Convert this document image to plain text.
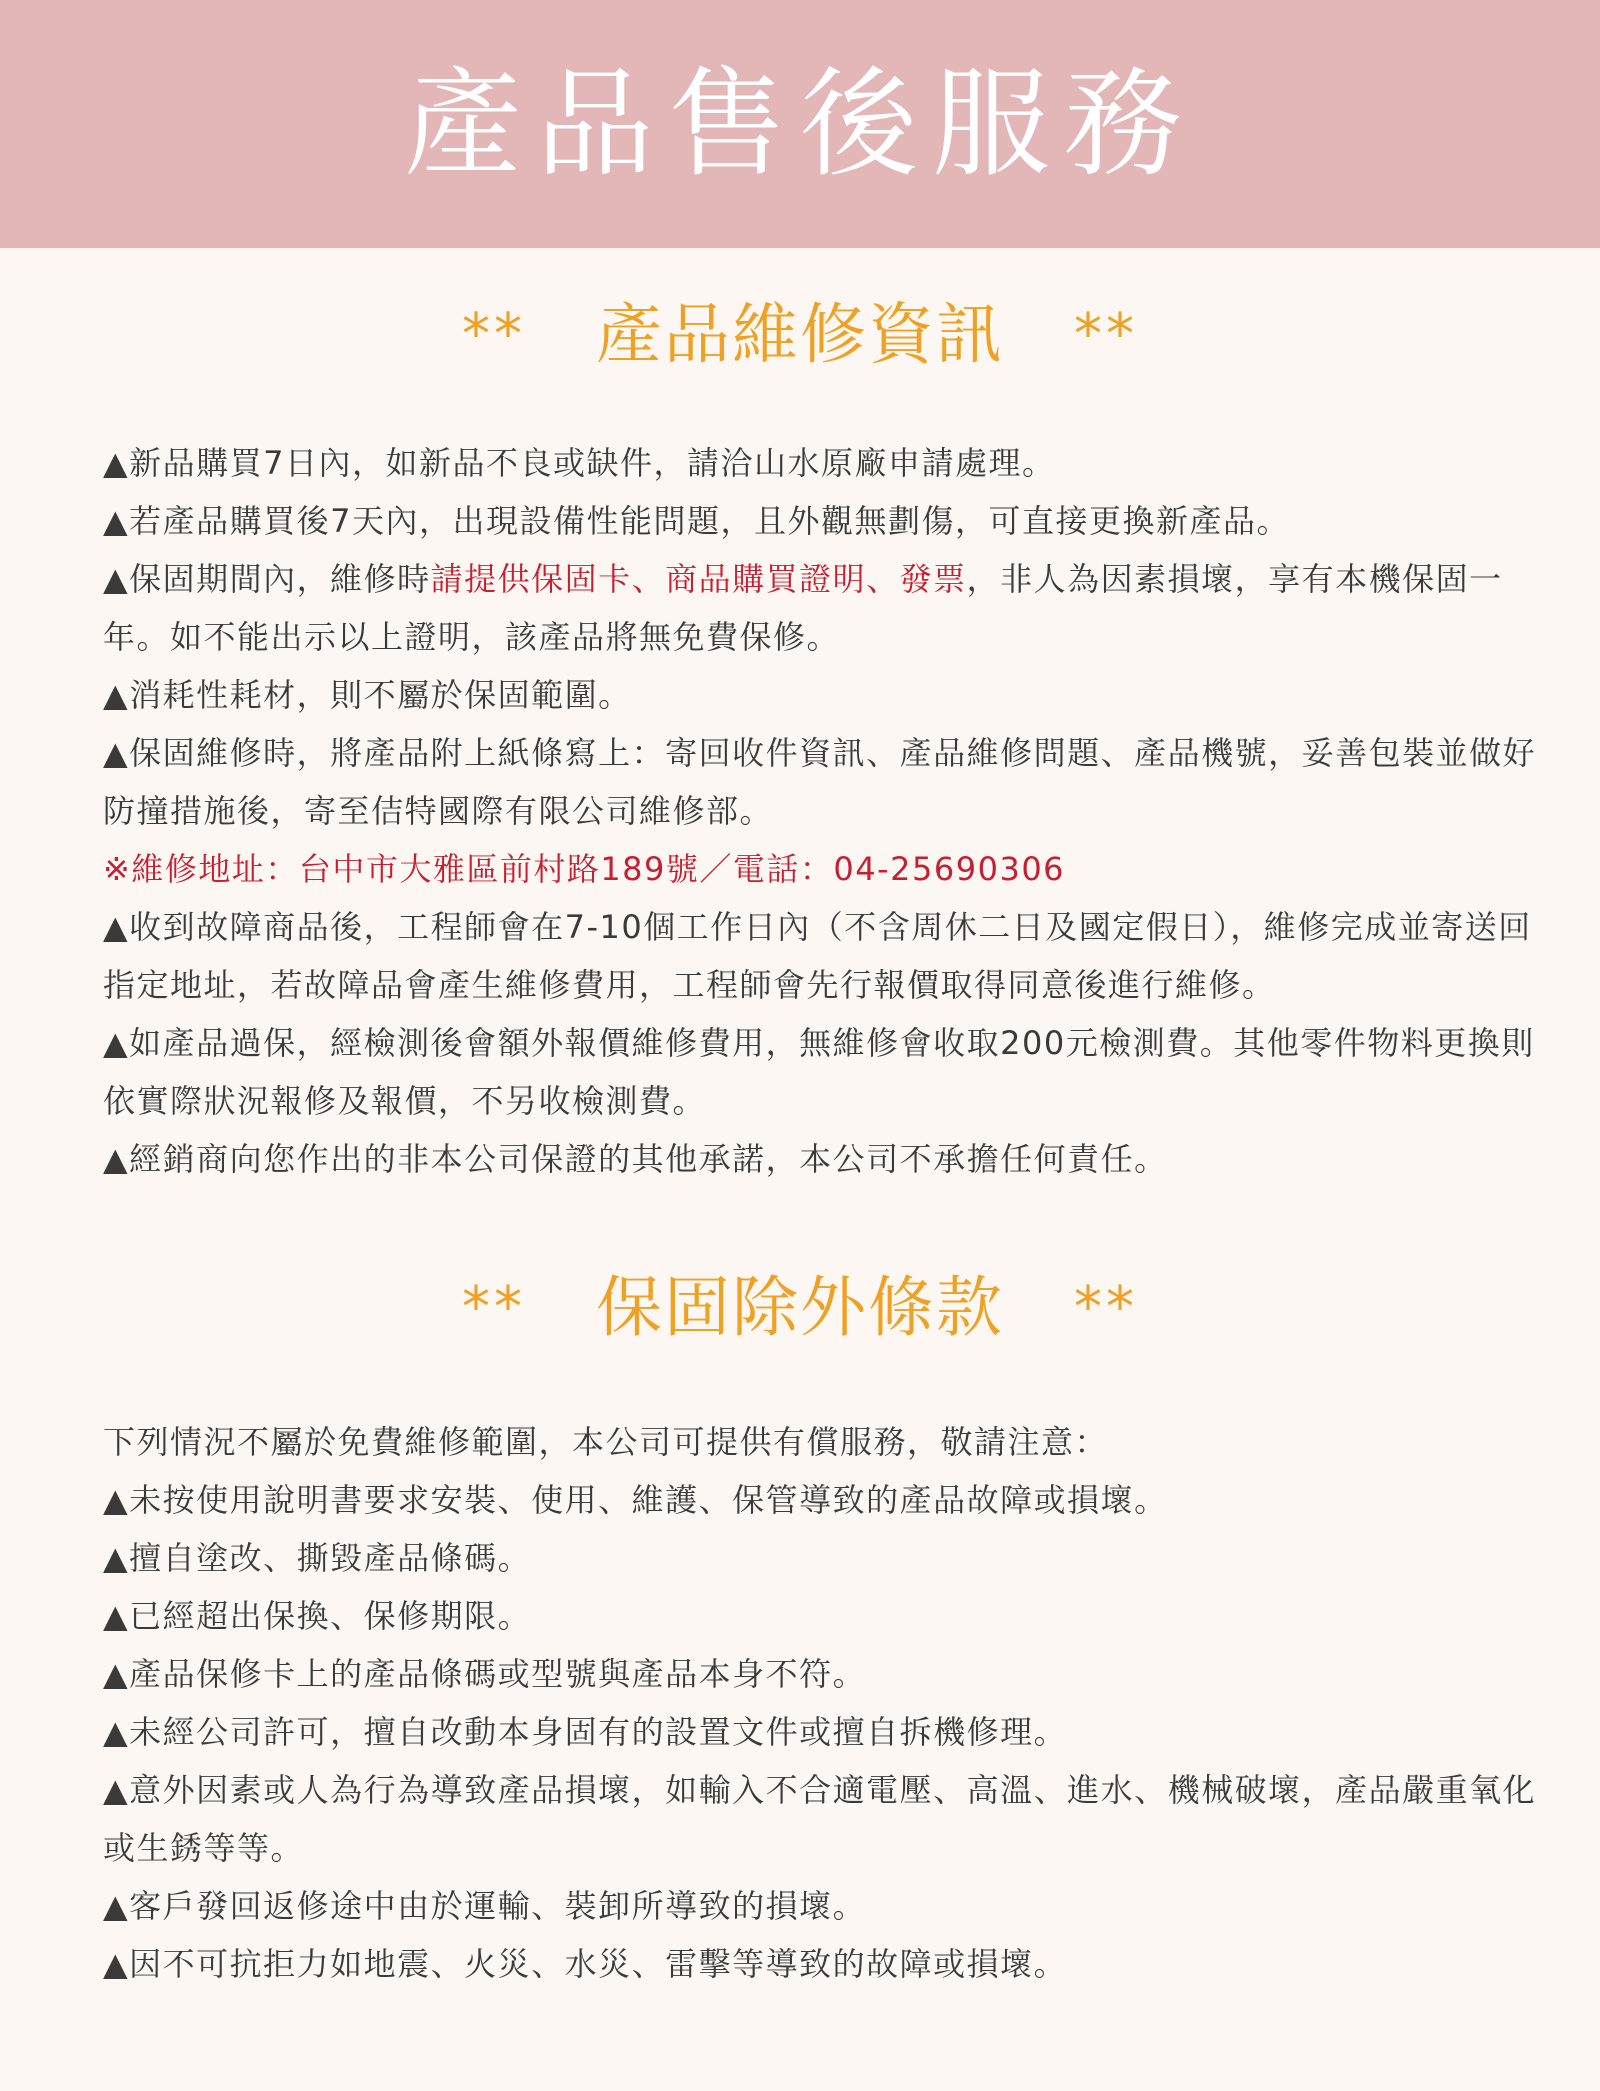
產品售後服務
** 產品維修資訊 **

▲新品購買7日內，如新品不良或缺件，請洽山水原廠申請處理。

▲若產品購買後7天內，出現設備性能問題，且外觀無劃傷，可直接更換新產品。

▲保固期間內，維修時請提供保固卡、商品購買證明、發票，非人為因素損壞，享有本機保固一年。如不能出示以上證明，該產品將無免費保修。

▲消耗性耗材，則不屬於保固範圍。

▲保固維修時，將產品附上紙條寫上：寄回收件資訊、產品維修問題、產品機號，妥善包裝並做好防撞措施後，寄至佶特國際有限公司維修部。

※維修地址：台中市大雅區前村路189號／電話：04-25690306

▲收到故障商品後，工程師會在7-10個工作日內（不含周休二日及國定假日），維修完成並寄送回指定地址，若故障品會產生維修費用，工程師會先行報價取得同意後進行維修。

▲如產品過保，經檢測後會額外報價維修費用，無維修會收取200元檢測費。其他零件物料更換則依實際狀況報修及報價，不另收檢測費。

▲經銷商向您作出的非本公司保證的其他承諾，本公司不承擔任何責任。

** 保固除外條款 **

下列情況不屬於免費維修範圍，本公司可提供有償服務，敬請注意：

▲未按使用說明書要求安裝、使用、維護、保管導致的產品故障或損壞。

▲擅自塗改、撕毀產品條碼。

▲已經超出保換、保修期限。

▲產品保修卡上的產品條碼或型號與產品本身不符。

▲未經公司許可，擅自改動本身固有的設置文件或擅自拆機修理。

▲意外因素或人為行為導致產品損壞，如輸入不合適電壓、高溫、進水、機械破壞，產品嚴重氧化或生銹等等。

▲客戶發回返修途中由於運輸、裝卸所導致的損壞。

▲因不可抗拒力如地震、火災、水災、雷擊等導致的故障或損壞。
